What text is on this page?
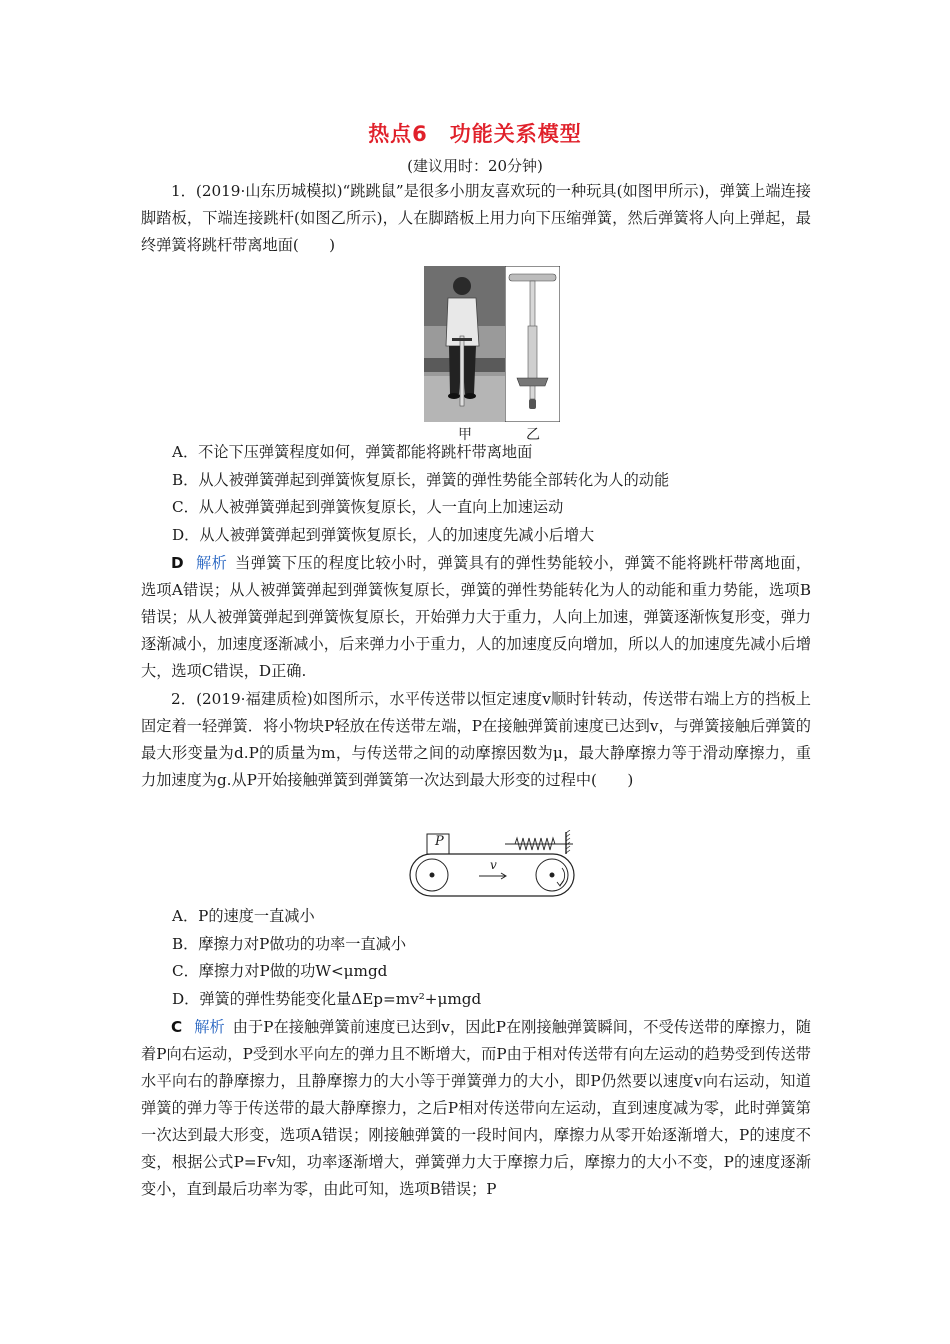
热点6　功能关系模型
(建议用时：20分钟)
1．(2019·山东历城模拟)“跳跳鼠”是很多小朋友喜欢玩的一种玩具(如图甲所示)，弹簧上端连接脚踏板，下端连接跳杆(如图乙所示)，人在脚踏板上用力向下压缩弹簧，然后弹簧将人向上弹起，最终弹簧将跳杆带离地面(　　)
甲	乙
A．不论下压弹簧程度如何，弹簧都能将跳杆带离地面
B．从人被弹簧弹起到弹簧恢复原长，弹簧的弹性势能全部转化为人的动能
C．从人被弹簧弹起到弹簧恢复原长，人一直向上加速运动
D．从人被弹簧弹起到弹簧恢复原长，人的加速度先减小后增大
D 解析 当弹簧下压的程度比较小时，弹簧具有的弹性势能较小，弹簧不能将跳杆带离地面，选项A错误；从人被弹簧弹起到弹簧恢复原长，弹簧的弹性势能转化为人的动能和重力势能，选项B错误；从人被弹簧弹起到弹簧恢复原长，开始弹力大于重力，人向上加速，弹簧逐渐恢复形变，弹力逐渐减小，加速度逐渐减小，后来弹力小于重力，人的加速度反向增加，所以人的加速度先减小后增大，选项C错误，D正确.
2．(2019·福建质检)如图所示，水平传送带以恒定速度v顺时针转动，传送带右端上方的挡板上固定着一轻弹簧．将小物块P轻放在传送带左端，P在接触弹簧前速度已达到v，与弹簧接触后弹簧的最大形变量为d.P的质量为m，与传送带之间的动摩擦因数为μ，最大静摩擦力等于滑动摩擦力，重力加速度为g.从P开始接触弹簧到弹簧第一次达到最大形变的过程中(　　)
P
v
A．P的速度一直减小
B．摩擦力对P做功的功率一直减小
C．摩擦力对P做的功W<μmgd
D．弹簧的弹性势能变化量ΔEp=mv²+μmgd
C 解析 由于P在接触弹簧前速度已达到v，因此P在刚接触弹簧瞬间，不受传送带的摩擦力，随着P向右运动，P受到水平向左的弹力且不断增大，而P由于相对传送带有向左运动的趋势受到传送带水平向右的静摩擦力，且静摩擦力的大小等于弹簧弹力的大小，即P仍然要以速度v向右运动，知道弹簧的弹力等于传送带的最大静摩擦力，之后P相对传送带向左运动，直到速度减为零，此时弹簧第一次达到最大形变，选项A错误；刚接触弹簧的一段时间内，摩擦力从零开始逐渐增大，P的速度不变，根据公式P=Fv知，功率逐渐增大，弹簧弹力大于摩擦力后，摩擦力的大小不变，P的速度逐渐变小，直到最后功率为零，由此可知，选项B错误；P
